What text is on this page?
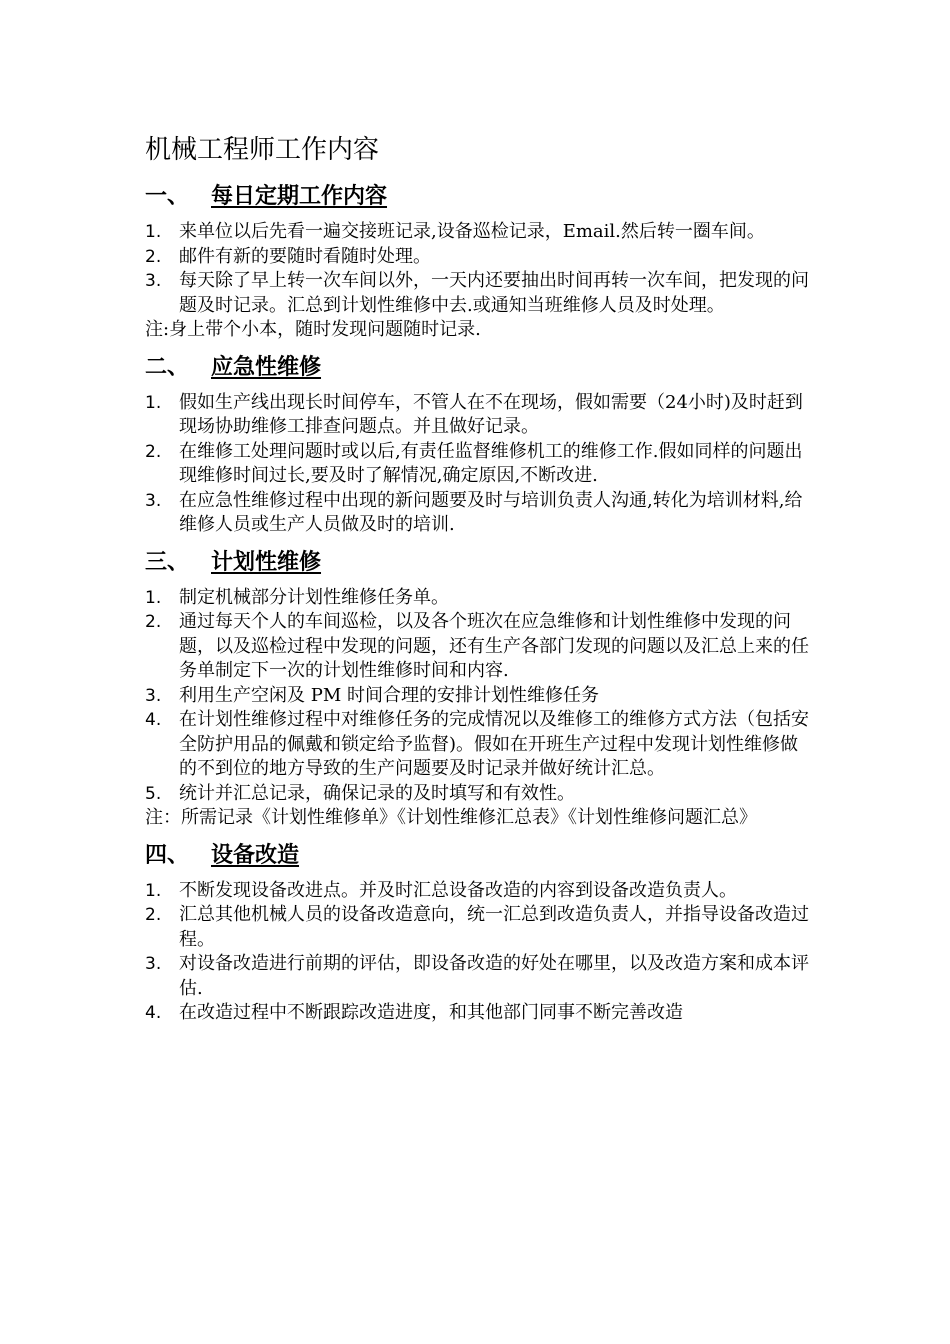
机械工程师工作内容
一、 每日定期工作内容
1. 来单位以后先看一遍交接班记录,设备巡检记录，Email.然后转一圈车间。
2. 邮件有新的要随时看随时处理。
3. 每天除了早上转一次车间以外，一天内还要抽出时间再转一次车间，把发现的问题及时记录。汇总到计划性维修中去.或通知当班维修人员及时处理。

注:身上带个小本，随时发现问题随时记录.

二、 应急性维修
1. 假如生产线出现长时间停车，不管人在不在现场，假如需要（24小时)及时赶到现场协助维修工排查问题点。并且做好记录。
2. 在维修工处理问题时或以后,有责任监督维修机工的维修工作.假如同样的问题出现维修时间过长,要及时了解情况,确定原因,不断改进.
3. 在应急性维修过程中出现的新问题要及时与培训负责人沟通,转化为培训材料,给维修人员或生产人员做及时的培训.
三、 计划性维修
1. 制定机械部分计划性维修任务单。
2. 通过每天个人的车间巡检，以及各个班次在应急维修和计划性维修中发现的问题，以及巡检过程中发现的问题，还有生产各部门发现的问题以及汇总上来的任务单制定下一次的计划性维修时间和内容.
3. 利用生产空闲及 PM 时间合理的安排计划性维修任务
4. 在计划性维修过程中对维修任务的完成情况以及维修工的维修方式方法（包括安全防护用品的佩戴和锁定给予监督)。假如在开班生产过程中发现计划性维修做的不到位的地方导致的生产问题要及时记录并做好统计汇总。
5. 统计并汇总记录，确保记录的及时填写和有效性。

注：所需记录《计划性维修单》《计划性维修汇总表》《计划性维修问题汇总》

四、 设备改造
1. 不断发现设备改进点。并及时汇总设备改造的内容到设备改造负责人。
2. 汇总其他机械人员的设备改造意向，统一汇总到改造负责人，并指导设备改造过程。
3. 对设备改造进行前期的评估，即设备改造的好处在哪里，以及改造方案和成本评估.
4. 在改造过程中不断跟踪改造进度，和其他部门同事不断完善改造
